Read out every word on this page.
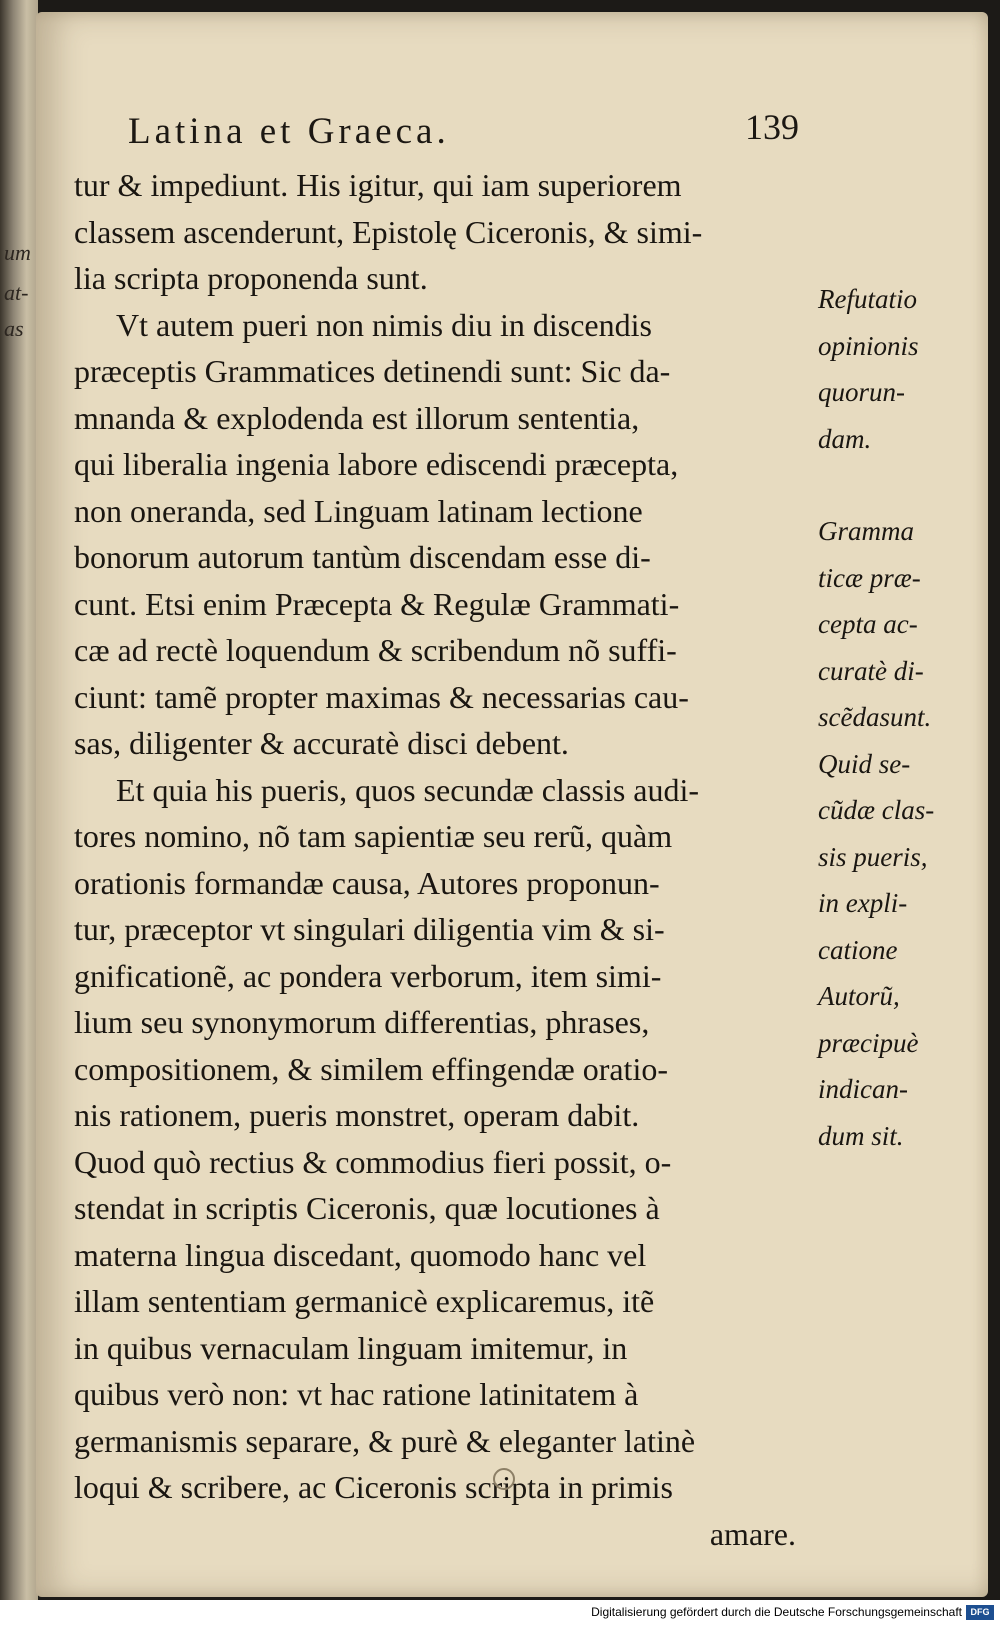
um
at-
as
Latina et Graeca.	139
tur & impediunt. His igitur, qui iam superiorem
classem ascenderunt, Epistolę Ciceronis, & simi-
lia scripta proponenda sunt.
Vt autem pueri non nimis diu in discendis
præceptis Grammatices detinendi sunt: Sic da-
mnanda & explodenda est illorum sententia,
qui liberalia ingenia labore ediscendi præcepta,
non oneranda, sed Linguam latinam lectione
bonorum autorum tantùm discendam esse di-
cunt. Etsi enim Præcepta & Regulæ Grammati-
cæ ad rectè loquendum & scribendum nõ suffi-
ciunt: tamẽ propter maximas & necessarias cau-
sas, diligenter & accuratè disci debent.
Et quia his pueris, quos secundæ classis audi-
tores nomino, nõ tam sapientiæ seu rerũ, quàm
orationis formandæ causa, Autores proponun-
tur, præceptor vt singulari diligentia vim & si-
gnificationẽ, ac pondera verborum, item simi-
lium seu synonymorum differentias, phrases,
compositionem, & similem effingendæ oratio-
nis rationem, pueris monstret, operam dabit.
Quod quò rectius & commodius fieri possit, o-
stendat in scriptis Ciceronis, quæ locutiones à
materna lingua discedant, quomodo hanc vel
illam sententiam germanicè explicaremus, itẽ
in quibus vernaculam linguam imitemur, in
quibus verò non: vt hac ratione latinitatem à
germanismis separare, & purè & eleganter latinè
loqui & scribere, ac Ciceronis scripta in primis
amare.
Refutatio
opinionis
quorun-
dam.
Gramma
ticæ præ-
cepta ac-
curatè di-
scẽdasunt.
Quid se-
cũdæ clas-
sis pueris,
in expli-
catione
Autorũ,
præcipuè
indican-
dum sit.
Digitalisierung gefördert durch die Deutsche Forschungsgemeinschaft DFG
